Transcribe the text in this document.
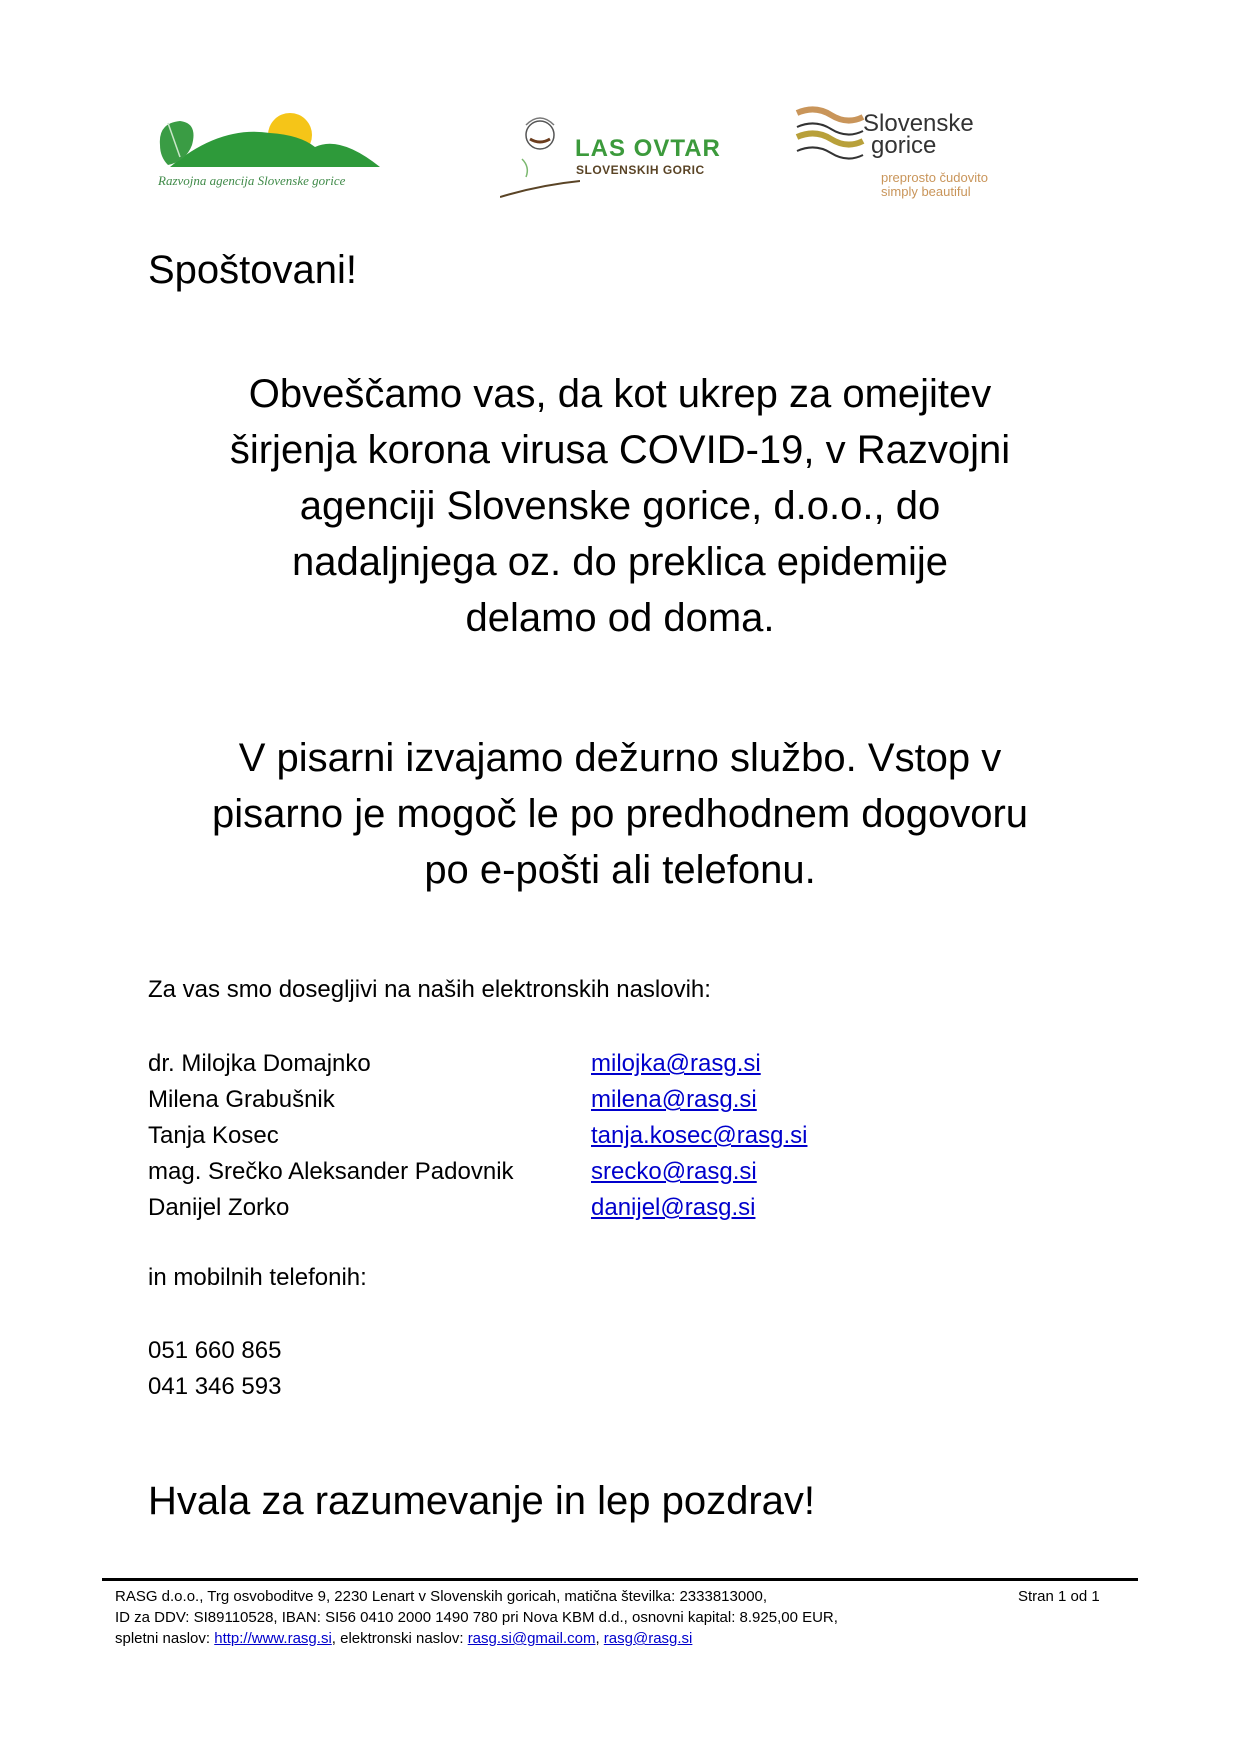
Razvojna agencija Slovenske gorice
LAS OVTAR
SLOVENSKIH GORIC
Slovenske
gorice
preprosto čudovito
simply beautiful
Spoštovani!
Obveščamo vas, da kot ukrep za omejitev
širjenja korona virusa COVID-19, v Razvojni
agenciji Slovenske gorice, d.o.o., do
nadaljnjega oz. do preklica epidemije
delamo od doma.
V pisarni izvajamo dežurno službo. Vstop v
pisarno je mogoč le po predhodnem dogovoru
po e-pošti ali telefonu.
Za vas smo dosegljivi na naših elektronskih naslovih:
dr. Milojka Domajnko	milojka@rasg.si
Milena Grabušnik	milena@rasg.si
Tanja Kosec	tanja.kosec@rasg.si
mag. Srečko Aleksander Padovnik	srecko@rasg.si
Danijel Zorko	danijel@rasg.si
in mobilnih telefonih:
051 660 865
041 346 593
Hvala za razumevanje in lep pozdrav!
RASG d.o.o., Trg osvoboditve 9, 2230 Lenart v Slovenskih goricah, matična številka: 2333813000,
ID za DDV: SI89110528, IBAN: SI56 0410 2000 1490 780 pri Nova KBM d.d., osnovni kapital: 8.925,00 EUR,
spletni naslov: http://www.rasg.si, elektronski naslov: rasg.si@gmail.com, rasg@rasg.si
Stran 1 od 1
